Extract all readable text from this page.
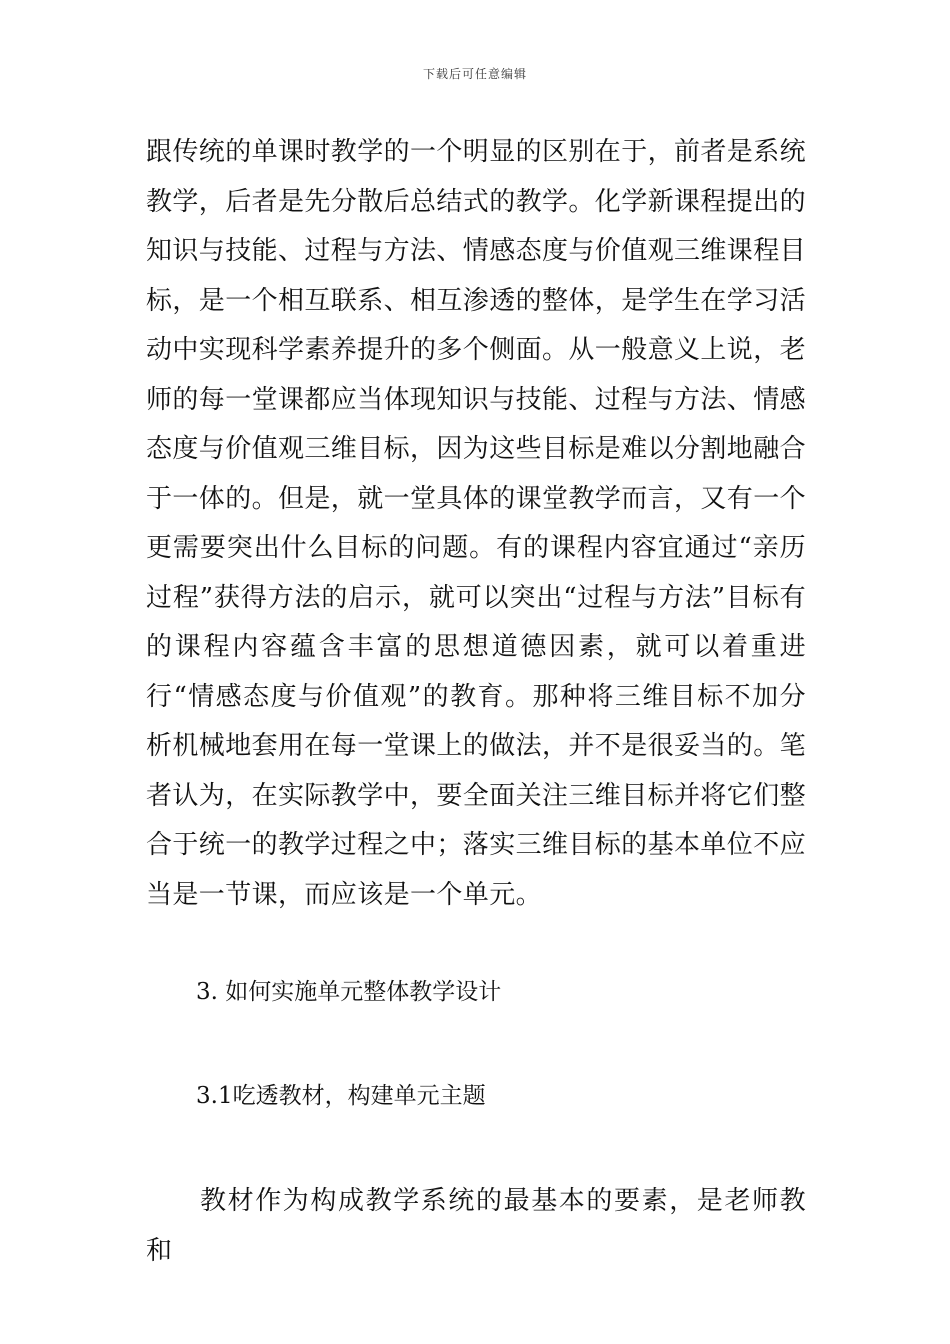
下载后可任意编辑

跟传统的单课时教学的一个明显的区别在于，前者是系统教学，后者是先分散后总结式的教学。化学新课程提出的知识与技能、过程与方法、情感态度与价值观三维课程目标，是一个相互联系、相互渗透的整体，是学生在学习活动中实现科学素养提升的多个侧面。从一般意义上说，老师的每一堂课都应当体现知识与技能、过程与方法、情感态度与价值观三维目标，因为这些目标是难以分割地融合于一体的。但是，就一堂具体的课堂教学而言，又有一个更需要突出什么目标的问题。有的课程内容宜通过“亲历过程”获得方法的启示，就可以突出“过程与方法”目标有的课程内容蕴含丰富的思想道德因素，就可以着重进行“情感态度与价值观”的教育。那种将三维目标不加分析机械地套用在每一堂课上的做法，并不是很妥当的。笔者认为，在实际教学中，要全面关注三维目标并将它们整合于统一的教学过程之中；落实三维目标的基本单位不应当是一节课，而应该是一个单元。

3. 如何实施单元整体教学设计

3.1吃透教材，构建单元主题

教材作为构成教学系统的最基本的要素，是老师教和
